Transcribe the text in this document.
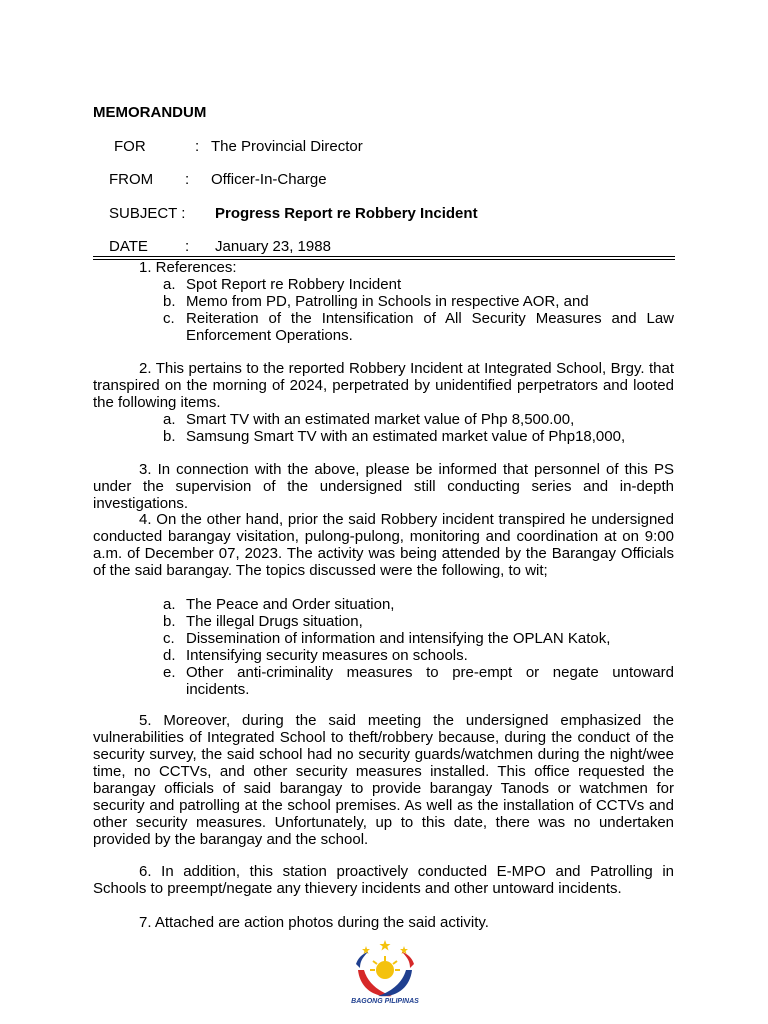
MEMORANDUM
FOR	: The Provincial Director
FROM : Officer-In-Charge
SUBJECT : Progress Report re Robbery Incident
DATE : January 23, 1988

1. References:

a. Spot Report re Robbery Incident
b. Memo from PD, Patrolling in Schools in respective AOR, and
c. Reiteration of the Intensification of All Security Measures and Law Enforcement Operations.

2. This pertains to the reported Robbery Incident at Integrated School, Brgy. that transpired on the morning of 2024, perpetrated by unidentified perpetrators and looted the following items.

a. Smart TV with an estimated market value of Php 8,500.00,
b. Samsung Smart TV with an estimated market value of Php18,000,

3. In connection with the above, please be informed that personnel of this PS under the supervision of the undersigned still conducting series and in-depth investigations.

4. On the other hand, prior the said Robbery incident transpired he undersigned conducted barangay visitation, pulong-pulong, monitoring and coordination at on 9:00 a.m. of December 07, 2023. The activity was being attended by the Barangay Officials of the said barangay. The topics discussed were the following, to wit;

a. The Peace and Order situation,
b. The illegal Drugs situation,
c. Dissemination of information and intensifying the OPLAN Katok,
d. Intensifying security measures on schools.
e. Other anti-criminality measures to pre-empt or negate untoward incidents.

5. Moreover, during the said meeting the undersigned emphasized the vulnerabilities of Integrated School to theft/robbery because, during the conduct of the security survey, the said school had no security guards/watchmen during the night/wee time, no CCTVs, and other security measures installed. This office requested the barangay officials of said barangay to provide barangay Tanods or watchmen for security and patrolling at the school premises. As well as the installation of CCTVs and other security measures. Unfortunately, up to this date, there was no undertaken provided by the barangay and the school.

6. In addition, this station proactively conducted E-MPO and Patrolling in Schools to preempt/negate any thievery incidents and other untoward incidents.

7. Attached are action photos during the said activity.

BAGONG PILIPINAS
